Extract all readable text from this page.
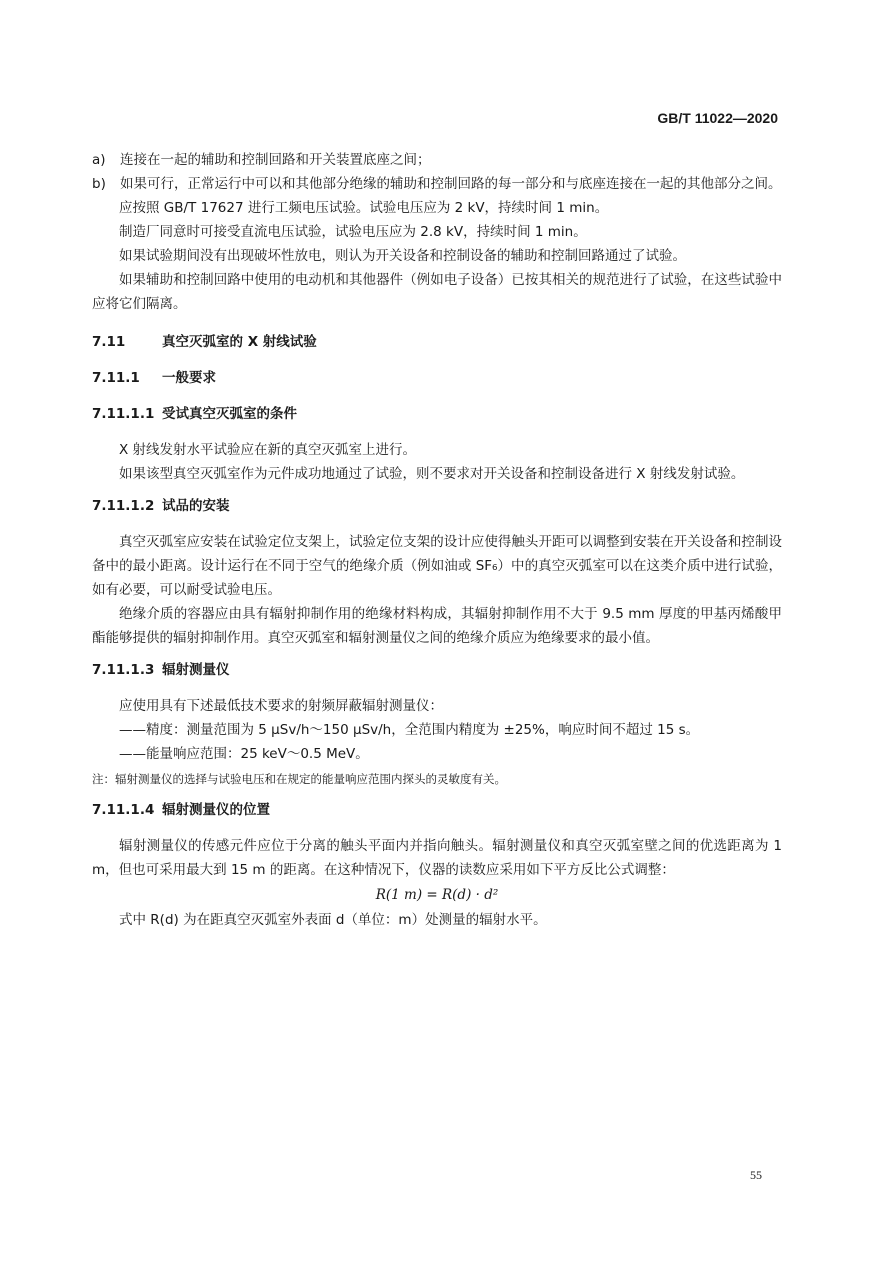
GB/T 11022—2020
a)	连接在一起的辅助和控制回路和开关装置底座之间；
b)	如果可行，正常运行中可以和其他部分绝缘的辅助和控制回路的每一部分和与底座连接在一起的其他部分之间。

应按照 GB/T 17627 进行工频电压试验。试验电压应为 2 kV，持续时间 1 min。

制造厂同意时可接受直流电压试验，试验电压应为 2.8 kV，持续时间 1 min。

如果试验期间没有出现破坏性放电，则认为开关设备和控制设备的辅助和控制回路通过了试验。

如果辅助和控制回路中使用的电动机和其他器件（例如电子设备）已按其相关的规范进行了试验，在这些试验中应将它们隔离。

7.11	真空灭弧室的 X 射线试验
7.11.1 一般要求
7.11.1.1 受试真空灭弧室的条件

X 射线发射水平试验应在新的真空灭弧室上进行。

如果该型真空灭弧室作为元件成功地通过了试验，则不要求对开关设备和控制设备进行 X 射线发射试验。

7.11.1.2 试品的安装

真空灭弧室应安装在试验定位支架上，试验定位支架的设计应使得触头开距可以调整到安装在开关设备和控制设备中的最小距离。设计运行在不同于空气的绝缘介质（例如油或 SF₆）中的真空灭弧室可以在这类介质中进行试验，如有必要，可以耐受试验电压。

绝缘介质的容器应由具有辐射抑制作用的绝缘材料构成，其辐射抑制作用不大于 9.5 mm 厚度的甲基丙烯酸甲酯能够提供的辐射抑制作用。真空灭弧室和辐射测量仪之间的绝缘介质应为绝缘要求的最小值。

7.11.1.3 辐射测量仪

应使用具有下述最低技术要求的射频屏蔽辐射测量仪：

——精度：测量范围为 5 μSv/h～150 μSv/h，全范围内精度为 ±25%，响应时间不超过 15 s。
——能量响应范围：25 keV～0.5 MeV。

注：辐射测量仪的选择与试验电压和在规定的能量响应范围内探头的灵敏度有关。

7.11.1.4 辐射测量仪的位置

辐射测量仪的传感元件应位于分离的触头平面内并指向触头。辐射测量仪和真空灭弧室壁之间的优选距离为 1 m，但也可采用最大到 15 m 的距离。在这种情况下，仪器的读数应采用如下平方反比公式调整：

R(1 m) = R(d) · d²

式中 R(d) 为在距真空灭弧室外表面 d（单位：m）处测量的辐射水平。

55
